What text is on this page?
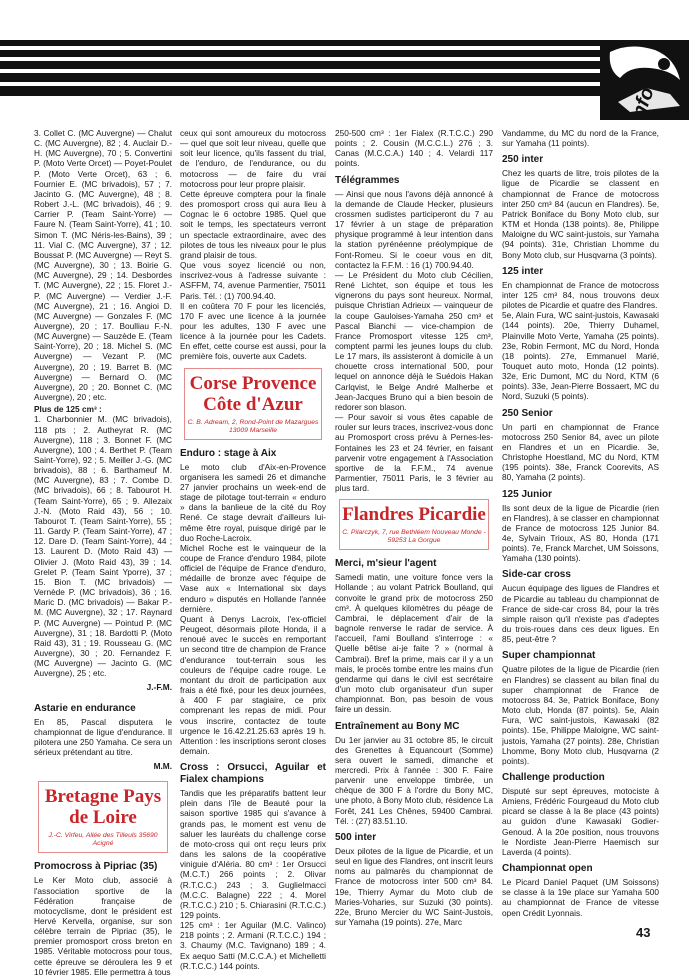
infos

3. Collet C. (MC Auvergne) — Chalut C. (MC Auvergne), 82 ; 4. Auclair D.-H. (MC Auvergne), 70 ; 5. Convertini P. (Moto Verte Orcet) — Poyet-Poulet P. (Moto Verte Orcet), 63 ; 6. Fournier E. (MC brivadois), 57 ; 7. Jacinto G. (MC Auvergne), 48 ; 8. Robert J.-L. (MC brivadois), 46 ; 9. Carrier P. (Team Saint-Yorre) — Faure N. (Team Saint-Yorre), 41 ; 10. Simon T. (MC Néris-les-Bains), 39 ; 11. Vial C. (MC Auvergne), 37 ; 12. Boussat P. (MC Auvergne) — Reyt S. (MC Auvergne), 30 ; 13. Boirie G. (MC Auvergne), 29 ; 14. Desbordes T. (MC Auvergne), 22 ; 15. Floret J.-P. (MC Auvergne) — Verdier J.-F. (MC Auvergne), 21 ; 16. Angioi D. (MC Auvergne) — Gonzales F. (MC Auvergne), 20 ; 17. Boulliau F.-N. (MC Auvergne) — Sauzède E. (Team Saint-Yorre), 20 ; 18. Michel S. (MC Auvergne) — Vezant P. (MC Auvergne), 20 ; 19. Barret B. (MC Auvergne) — Bernard O. (MC Auvergne), 20 ; 20. Bonnet C. (MC Auvergne), 20 ; etc.

Plus de 125 cm³ :

1. Charbonnier M. (MC brivadois), 118 pts ; 2. Autheyrat R. (MC Auvergne), 118 ; 3. Bonnet F. (MC Auvergne), 100 ; 4. Berthet P. (Team Saint-Yorre), 92 ; 5. Meiller J.-G. (MC brivadois), 88 ; 6. Barthameuf M. (MC Auvergne), 83 ; 7. Combe D. (MC brivadois), 66 ; 8. Tabourot H. (Team Saint-Yorre), 65 ; 9. Allezaix J.-N. (Moto Raid 43), 56 ; 10. Tabourot T. (Team Saint-Yorre), 55 ; 11. Gardy P. (Team Saint-Yorre), 47 ; 12. Dare D. (Team Saint-Yorre), 44 ; 13. Laurent D. (Moto Raid 43) — Olivier J. (Moto Raid 43), 39 ; 14. Grelet P. (Team Saint Yporre), 37 ; 15. Bion T. (MC brivadois) — Vernède P. (MC brivadois), 36 ; 16. Maric D. (MC brivadois) — Bakar P.-M. (MC Auvergne), 32 ; 17. Raynard P. (MC Auvergne) — Pointud P. (MC Auvergne), 31 ; 18. Bardotti P. (Moto Raid 43), 31 ; 19. Rousseau G. (MC Auvergne), 30 ; 20. Fernandez F. (MC Auvergne) — Jacinto G. (MC Auvergne), 25 ; etc.

J.-F.M.

Astarie en endurance

En 85, Pascal disputera le championnat de ligue d'endurance. Il pilotera une 250 Yamaha. Ce sera un sérieux prétendant au titre.

M.M.

Bretagne Pays de Loire
J.-C. Virfeu, Allée des Tilleuls 35690 Acigné
Promocross à Pipriac (35)

Le Ker Moto club, associé à l'association sportive de la Fédération française de motocyclisme, dont le président est Hervé Kervella, organise, sur son célèbre terrain de Pipriac (35), le premier promosport cross breton en 1985. Véritable motocross pour tous, cette épreuve se déroulera les 9 et 10 février 1985. Elle permettra à tous

ceux qui sont amoureux du motocross — quel que soit leur niveau, quelle que soit leur licence, qu'ils fassent du trial, de l'enduro, de l'endurance, ou du motocross — de faire du vrai motocross pour leur propre plaisir.
Cette épreuve comptera pour la finale des promosport cross qui aura lieu à Cognac le 6 octobre 1985. Quel que soit le temps, les spectateurs verront un spectacle extraordinaire, avec des pilotes de tous les niveaux pour le plus grand plaisir de tous.
Que vous soyez licencié ou non, inscrivez-vous à l'adresse suivante : ASFFM, 74, avenue Parmentier, 75011 Paris. Tél. : (1) 700.94.40.
Il en coûtera 70 F pour les licenciés, 170 F avec une licence à la journée pour les adultes, 130 F avec une licence à la journée pour les Cadets. En effet, cette course est aussi, pour la première fois, ouverte aux Cadets.

Corse Provence Côte d'Azur
C. B. Adream, 2, Rond-Point de Mazargues 13009 Marseille
Enduro : stage à Aix

Le moto club d'Aix-en-Provence organisera les samedi 26 et dimanche 27 janvier prochains un week-end de stage de pilotage tout-terrain « enduro » dans la banlieue de la cité du Roy René. Ce stage devrait d'ailleurs lui-même être royal, puisque dirigé par le duo Roche-Lacroix.
Michel Roche est le vainqueur de la coupe de France d'enduro 1984, pilote officiel de l'équipe de France d'enduro, médaille de bronze avec l'équipe de Vase aux « International six days enduro » disputés en Hollande l'année dernière.
Quant à Denys Lacroix, l'ex-officiel Peugeot, désormais pilote Honda, il a renoué avec le succès en remportant un second titre de champion de France d'endurance tout-terrain sous les couleurs de l'équipe cadre rouge. Le montant du droit de participation aux frais a été fixé, pour les deux journées, à 400 F par stagiaire, ce prix comprenant les repas de midi. Pour vous inscrire, contactez de toute urgence le 16.42.21.25.63 après 19 h. Attention : les inscriptions seront closes demain.

Cross : Orsucci, Aguilar et Fialex champions

Tandis que les préparatifs battent leur plein dans l'île de Beauté pour la saison sportive 1985 qui s'avance à grands pas, le moment est venu de saluer les lauréats du challenge corse de moto-cross qui ont reçu leurs prix dans les salons de la coopérative viniguie d'Aléria. 80 cm³ : 1er Orsucci (M.C.T.) 266 points ; 2. Olivar (R.T.C.C.) 243 ; 3. Guglielmacci (M.C.C. Balagne) 222 ; 4. Morel (R.T.C.C.) 210 ; 5. Chiarasini (R.T.C.C.) 129 points.
125 cm³ : 1er Aguilar (M.C. Valinco) 218 points ; 2. Armani (R.T.C.C.) 194 ; 3. Chaumy (M.C. Tavignano) 189 ; 4. Ex aequo Satti (M.C.C.A.) et Michelletti (R.T.C.C.) 144 points.

250-500 cm³ : 1er Fialex (R.T.C.C.) 290 points ; 2. Cousin (M.C.C.L.) 276 ; 3. Canas (M.C.C.A.) 140 ; 4. Velardi 117 points.

Télégrammes

— Ainsi que nous l'avons déjà annoncé à la demande de Claude Hecker, plusieurs crossmen sudistes participeront du 7 au 17 février à un stage de préparation physique programmé à leur intention dans la station pyrénéenne préolympique de Font-Romeu. Si le coeur vous en dit, contactez la F.F.M. : 16 (1) 700.94.40.
— Le Président du Moto club Cécilien, René Lichtet, son équipe et tous les vignerons du pays sont heureux. Normal, puisque Christian Adrieux — vainqueur de la coupe Gauloises-Yamaha 250 cm³ et Pascal Bianchi — vice-champion de France Promosport vitesse 125 cm³, comptent parmi les jeunes loups du club. Le 17 mars, ils assisteront à domicile à un chouette cross international 500, pour lequel on annonce déjà le Suédois Hakan Carlqvist, le Belge André Malherbe et Jean-Jacques Bruno qui a bien besoin de redorer son blason.
— Pour savoir si vous êtes capable de rouler sur leurs traces, inscrivez-vous donc au Promosport cross prévu à Pernes-les-Fontaines les 23 et 24 février, en faisant parvenir votre engagement à l'Association sportive de la F.F.M., 74 avenue Parmentier, 75011 Paris, le 3 février au plus tard.

Flandres Picardie
C. Pilarczyk, 7, rue Bethléem Nouveau Monde - 59253 La Gorgue
Merci, m'sieur l'agent

Samedi matin, une voiture fonce vers la Hollande ; au volant Patrick Boulland, qui convoite le grand prix de motocross 250 cm³. À quelques kilomètres du péage de Cambrai, le déplacement d'air de la bagnole renverse le radar de service. À l'accueil, l'ami Boulland s'interroge : « Quelle bêtise ai-je faite ? » (normal à Cambrai). Bref la prime, mais car il y a un mais, le procès tombe entre les mains d'un gendarme qui dans le civil est secrétaire d'un moto club organisateur d'un super championnat. Bon, pas besoin de vous faire un dessin.

Entraînement au Bony MC

Du 1er janvier au 31 octobre 85, le circuit des Grenettes à Equancourt (Somme) sera ouvert le samedi, dimanche et mercredi. Prix à l'année : 300 F. Faire parvenir une enveloppe timbrée, un chèque de 300 F à l'ordre du Bony MC, une photo, à Bony Moto club, résidence La Forêt, 241 Les Chênes, 59400 Cambrai. Tél. : (27) 83.51.10.

500 inter

Deux pilotes de la ligue de Picardie, et un seul en ligue des Flandres, ont inscrit leurs noms au palmarès du championnat de France de motocross inter 500 cm³ 84. 19e, Thierry Aymar du Moto club de Maries-Voharies, sur Suzuki (30 points). 22e, Bruno Mercier du WC Saint-Justois, sur Yamaha (19 points). 27e, Marc

Vandamme, du MC du nord de la France, sur Yamaha (11 points).

250 inter

Chez les quarts de litre, trois pilotes de la ligue de Picardie se classent en championnat de France de motocross inter 250 cm³ 84 (aucun en Flandres). 5e, Patrick Boniface du Bony Moto club, sur KTM et Honda (138 points). 8e, Philippe Maloigne du WC saint-justois, sur Yamaha (94 points). 31e, Christian Lhomme du Bony Moto club, sur Husqvarna (3 points).

125 inter

En championnat de France de motocross inter 125 cm³ 84, nous trouvons deux pilotes de Picardie et quatre des Flandres.
5e, Alain Fura, WC saint-justois, Kawasaki (144 points). 20e, Thierry Duhamel, Plainville Moto Verte, Yamaha (25 points). 23e, Robin Fermont, MC du Nord, Honda (18 points). 27e, Emmanuel Marié, Touquet auto moto, Honda (12 points). 32e, Eric Dumont, MC du Nord, KTM (6 points). 33e, Jean-Pierre Bossaert, MC du Nord, Suzuki (5 points).

250 Senior

Un parti en championnat de France motocross 250 Senior 84, avec un pilote en Flandres et un en Picardie. 3e, Christophe Hoestland, MC du Nord, KTM (195 points). 38e, Franck Coorevits, AS 80, Yamaha (2 points).

125 Junior

Ils sont deux de la ligue de Picardie (rien en Flandres), à se classer en championnat de France de motocross 125 Junior 84. 4e, Sylvain Trioux, AS 80, Honda (171 points). 7e, Franck Marchet, UM Soissons, Yamaha (130 points).

Side-car cross

Aucun équipage des ligues de Flandres et de Picardie au tableau du championnat de France de side-car cross 84, pour la très simple raison qu'il n'existe pas d'adeptes du trois-roues dans ces deux ligues. En 85, peut-être ?

Super championnat

Quatre pilotes de la ligue de Picardie (rien en Flandres) se classent au bilan final du super championnat de France de motocross 84. 3e, Patrick Boniface, Bony Moto club, Honda (87 points). 5e, Alain Fura, WC saint-justois, Kawasaki (82 points). 15e, Philippe Maloigne, WC saint-justois, Yamaha (27 points). 28e, Christian Lhomme, Bony Moto club, Husqvarna (2 points).

Challenge production

Disputé sur sept épreuves, motociste à Amiens, Frédéric Fourgeaud du Moto club picard se classe à la 8e place (43 points) au guidon d'une Kawasaki Godier-Genoud. À la 20e position, nous trouvons le Nordiste Jean-Pierre Haemisch sur Laverda (4 points).

Championnat open

Le Picard Daniel Paquet (UM Soissons) se classe à la 19e place sur Yamaha 500 au championnat de France de vitesse open Crédit Lyonnais.

43
